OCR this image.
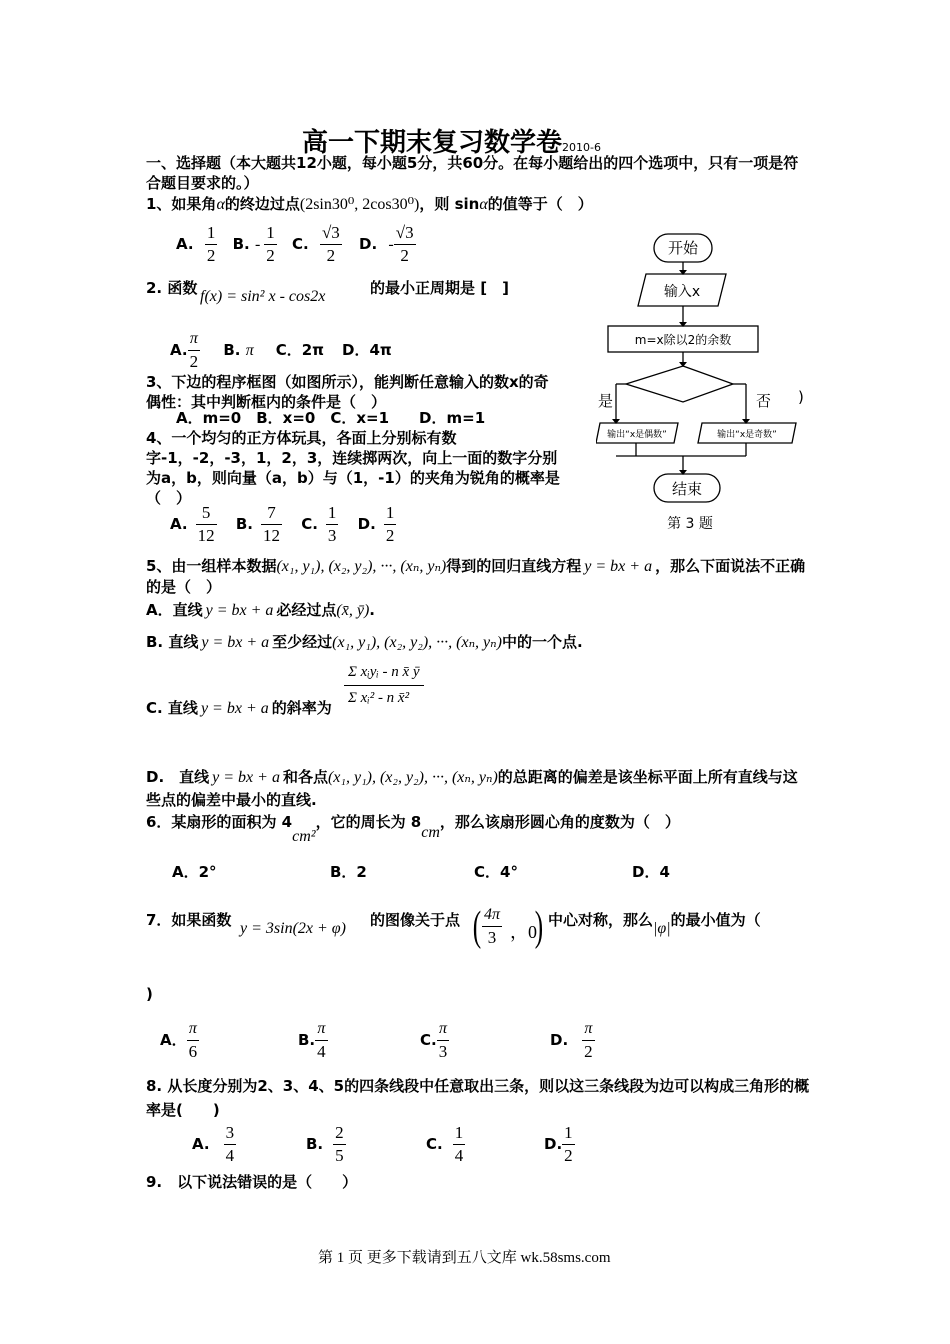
高一下期末复习数学卷2010-6
一、选择题（本大题共12小题，每小题5分，共60分。在每小题给出的四个选项中，只有一项是符合题目要求的。）
1、如果角α的终边过点(2sin30⁰, 2cos30⁰)，则 sinα的值等于（　）
A. $\frac{1}{2} B$. - $\frac{1}{2} C$. $\frac{√3}{2} D$. - $\frac{√3}{2}$
2. 函数 f(x) = sin² x - cos2x	的最小正周期是 [　]
A. $\frac{\pi}{2} B$. π C．2π D．4π
3、下边的程序框图（如图所示），能判断任意输入的数x的奇偶性：其中判断框内的条件是（　）
A．m=0　B．x=0　C．x=1　　D．m=1
4、一个均匀的正方体玩具，各面上分别标有数字-1，-2，-3，1，2，3，连续掷两次，向上一面的数字分别为a，b，则向量（a，b）与（1，-1）的夹角为锐角的概率是（　）
A. $\frac{5}{12} B$. $\frac{7}{12} C$. $\frac{1}{3} D$. $\frac{1}{2}$
开始
输入x
m=x除以2的余数
是	否 )
输出“x是偶数”	输出“x是奇数”
结束
第 3 题
5、由一组样本数据(x₁, y₁), (x₂, y₂), ···, (xₙ, yₙ)得到的回归直线方程 y = bx + a ，那么下面说法不正确的是（　）
A．直线 y = bx + a 必经过点(x̄, ȳ).
B. 直线 y = bx + a 至少经过(x₁, y₁), (x₂, y₂), ···, (xₙ, yₙ)中的一个点.
C. 直线 y = bx + a 的斜率为
Σ xᵢyᵢ - n x̄ ȳ
Σ xᵢ² - n x̄²
D.　直线 y = bx + a 和各点(x₁, y₁), (x₂, y₂), ···, (xₙ, yₙ)的总距离的偏差是该坐标平面上所有直线与这些点的偏差中最小的直线.
6．某扇形的面积为 4cm²，它的周长为 8cm，那么该扇形圆心角的度数为（　）
A．2°	B．2	C．4°	D．4
7．如果函数 y = 3sin(2x + φ) 的图像关于点 ( $\frac{4\pi}{3}$ ，0
) 中心对称，那么|φ|的最小值为（
)
A． $\frac{\pi}{6}$	B. $\frac{\pi}{4}$	C. $\frac{\pi}{3}$	D. $\frac{\pi}{2}$
8. 从长度分别为2、3、4、5的四条线段中任意取出三条，则以这三条线段为边可以构成三角形的概率是(　　)
A. $\frac{3}{4}$	B. $\frac{2}{5}$	C. $\frac{1}{4}$	D. $\frac{1}{2}$
9.　以下说法错误的是（　　）
第 1 页 更多下载请到五八文库 wk.58sms.com
